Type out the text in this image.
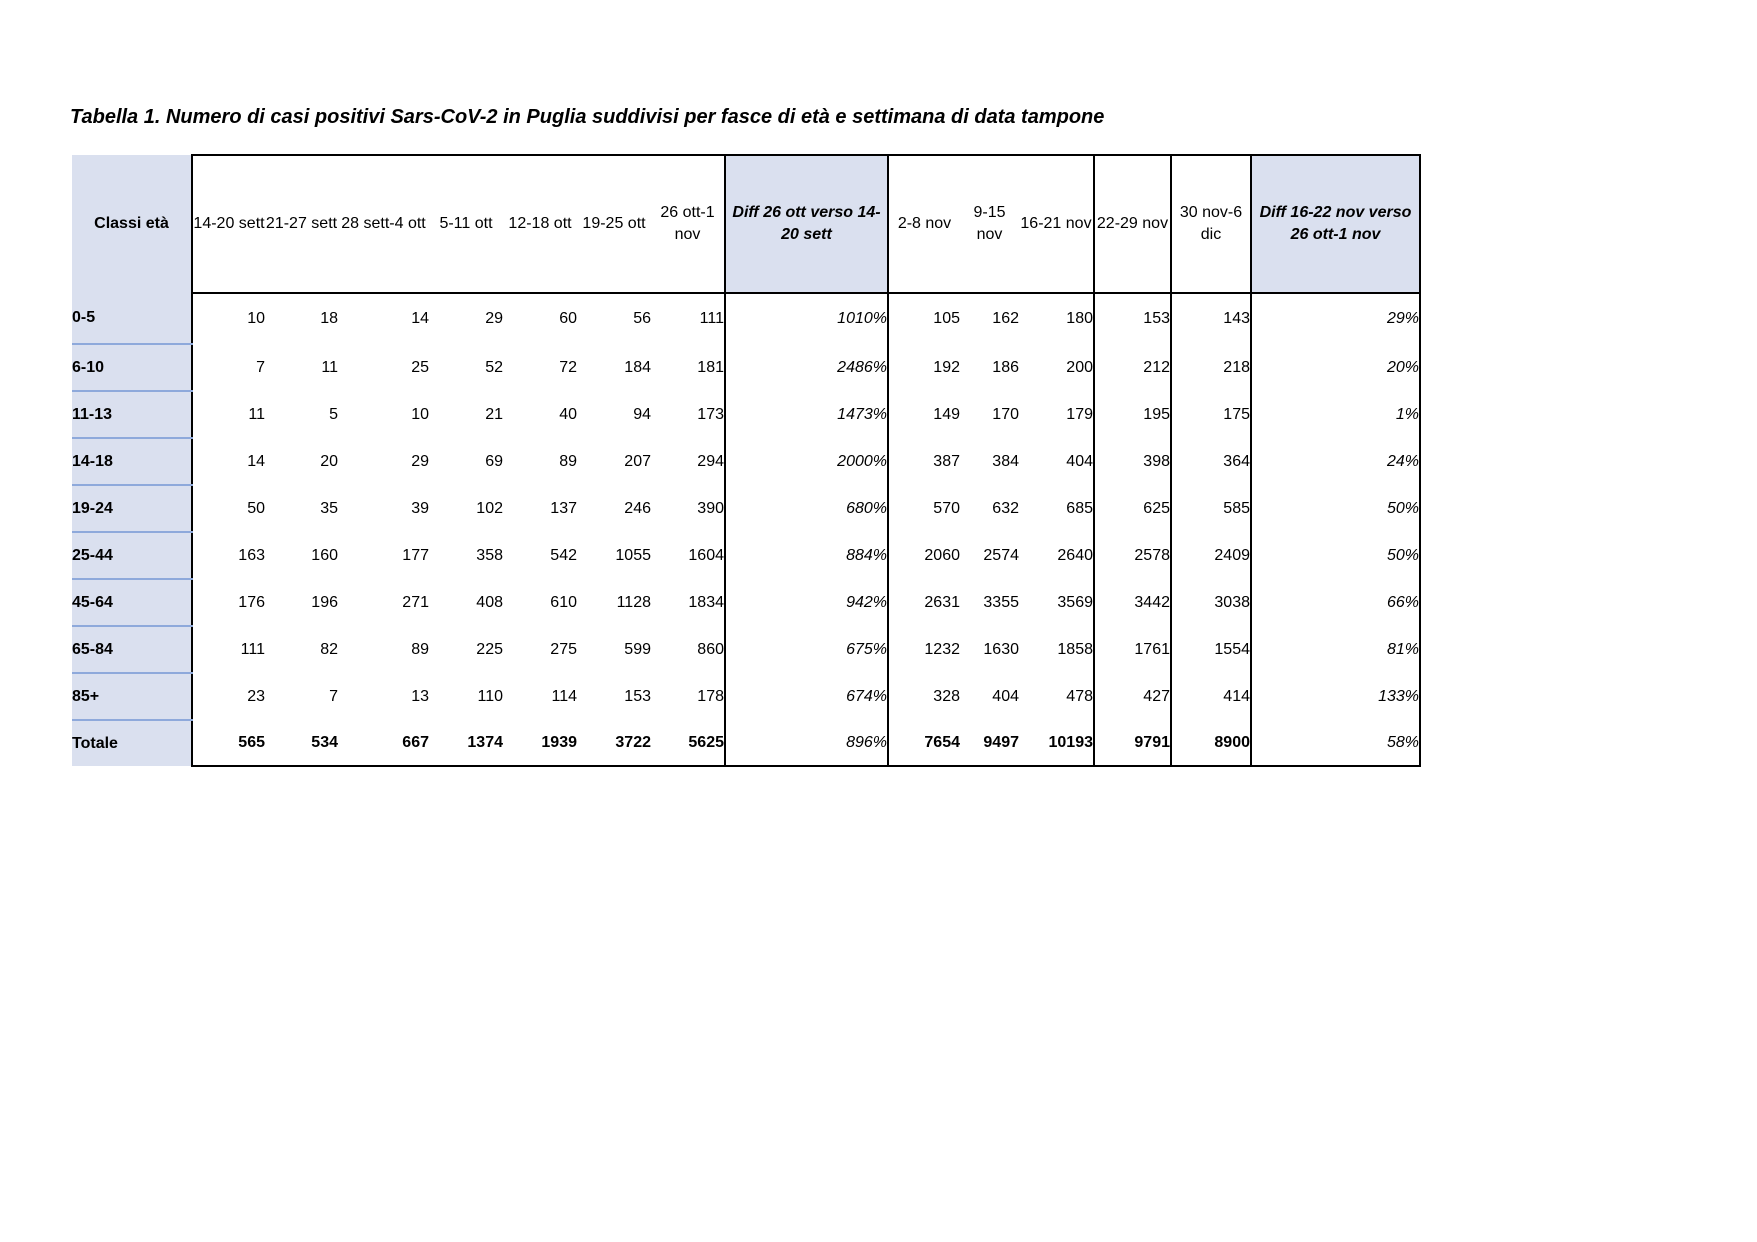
Tabella 1. Numero di casi positivi Sars-CoV-2 in Puglia suddivisi per fasce di età e settimana di data tampone
Classi età	14-20 sett	21-27 sett	28 sett-4 ott	5-11 ott	12-18 ott	19-25 ott	26 ott-1 nov	Diff 26 ott verso 14-20 sett	2-8 nov	9-15 nov	16-21 nov	22-29 nov	30 nov-6 dic	Diff 16-22 nov verso 26 ott-1 nov
0-5	10	18	14	29	60	56	111	1010%	105	162	180	153	143	29%
6-10	7	11	25	52	72	184	181	2486%	192	186	200	212	218	20%
11-13	11	5	10	21	40	94	173	1473%	149	170	179	195	175	1%
14-18	14	20	29	69	89	207	294	2000%	387	384	404	398	364	24%
19-24	50	35	39	102	137	246	390	680%	570	632	685	625	585	50%
25-44	163	160	177	358	542	1055	1604	884%	2060	2574	2640	2578	2409	50%
45-64	176	196	271	408	610	1128	1834	942%	2631	3355	3569	3442	3038	66%
65-84	111	82	89	225	275	599	860	675%	1232	1630	1858	1761	1554	81%
85+	23	7	13	110	114	153	178	674%	328	404	478	427	414	133%
Totale	565	534	667	1374	1939	3722	5625	896%	7654	9497	10193	9791	8900	58%
